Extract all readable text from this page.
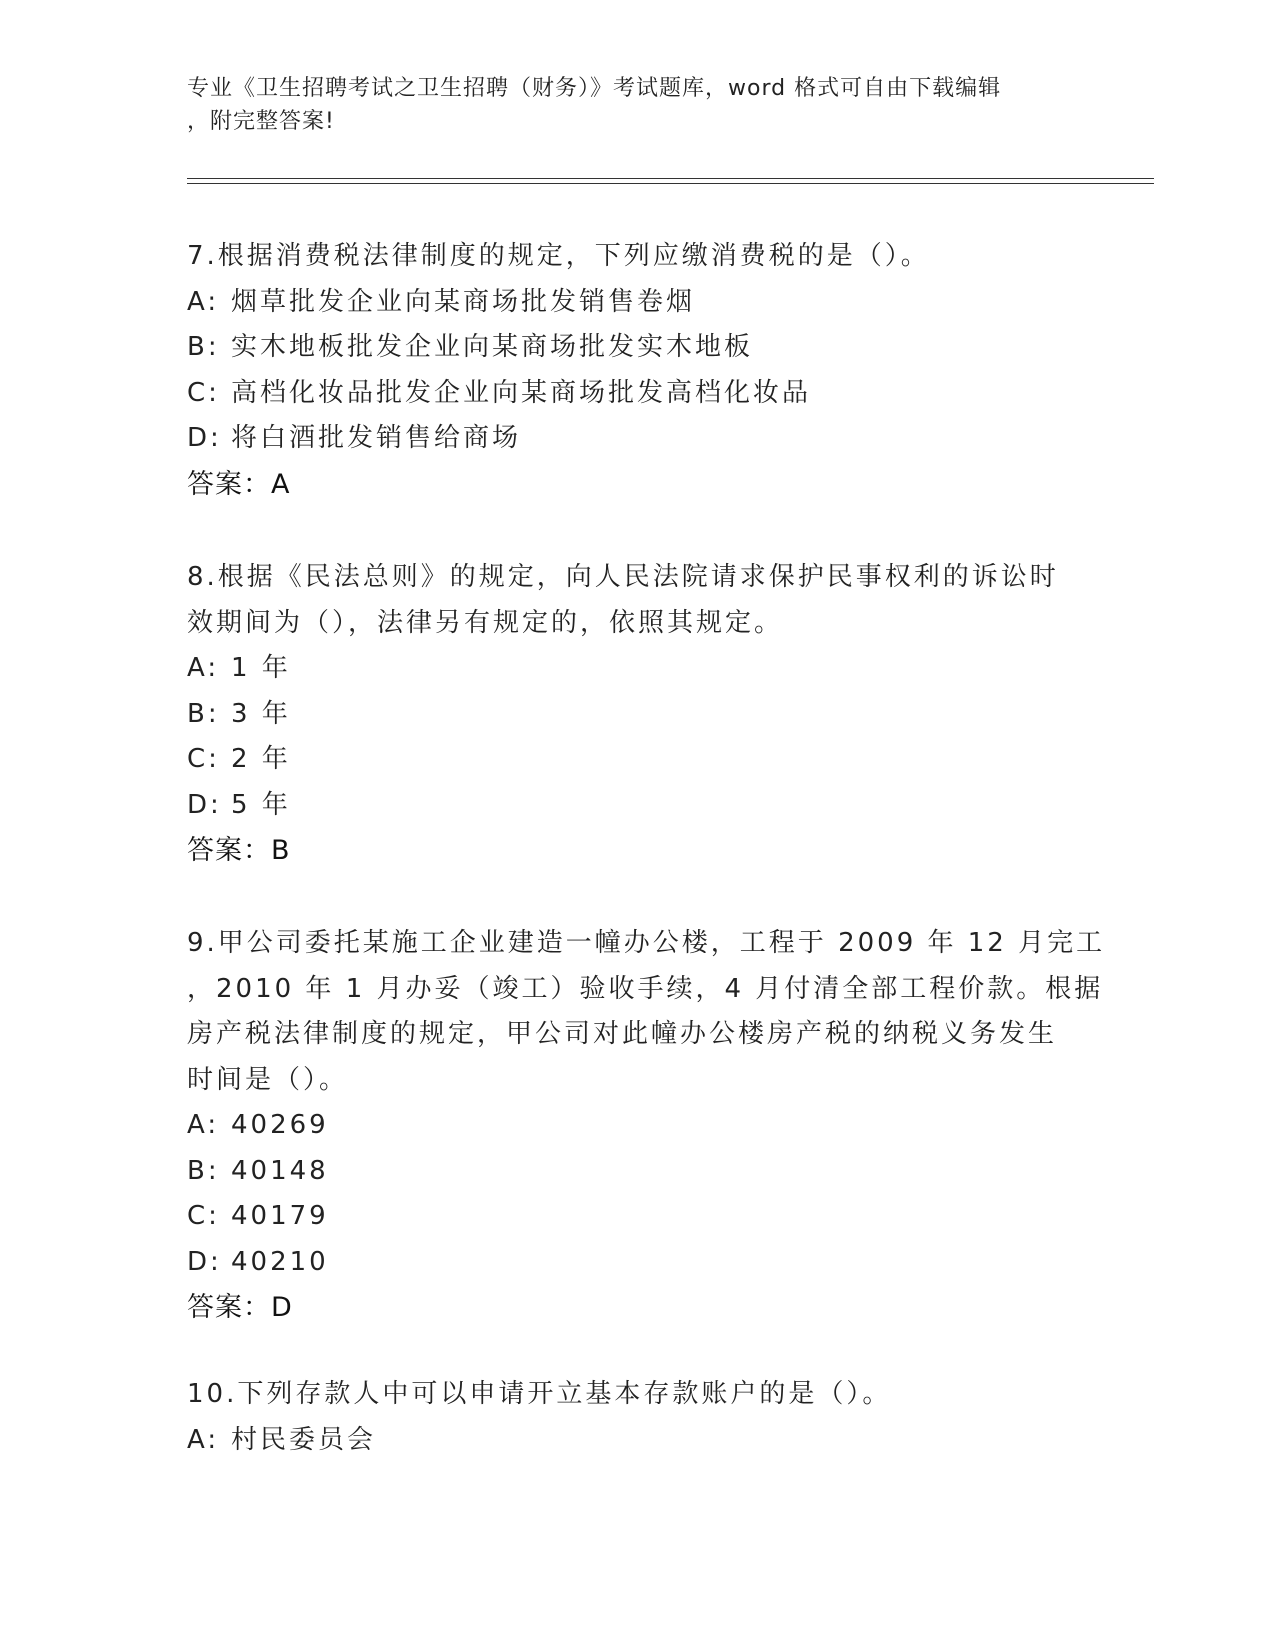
专业《卫生招聘考试之卫生招聘（财务）》考试题库，word 格式可自由下载编辑
，附完整答案!
7.根据消费税法律制度的规定，下列应缴消费税的是（）。
A: 烟草批发企业向某商场批发销售卷烟
B: 实木地板批发企业向某商场批发实木地板
C: 高档化妆品批发企业向某商场批发高档化妆品
D: 将白酒批发销售给商场
答案：A
8.根据《民法总则》的规定，向人民法院请求保护民事权利的诉讼时
效期间为（），法律另有规定的，依照其规定。
A: 1 年
B: 3 年
C: 2 年
D: 5 年
答案：B
9.甲公司委托某施工企业建造一幢办公楼，工程于 2009 年 12 月完工
，2010 年 1 月办妥（竣工）验收手续，4 月付清全部工程价款。根据
房产税法律制度的规定，甲公司对此幢办公楼房产税的纳税义务发生
时间是（）。
A: 40269
B: 40148
C: 40179
D: 40210
答案：D
10.下列存款人中可以申请开立基本存款账户的是（）。
A: 村民委员会
